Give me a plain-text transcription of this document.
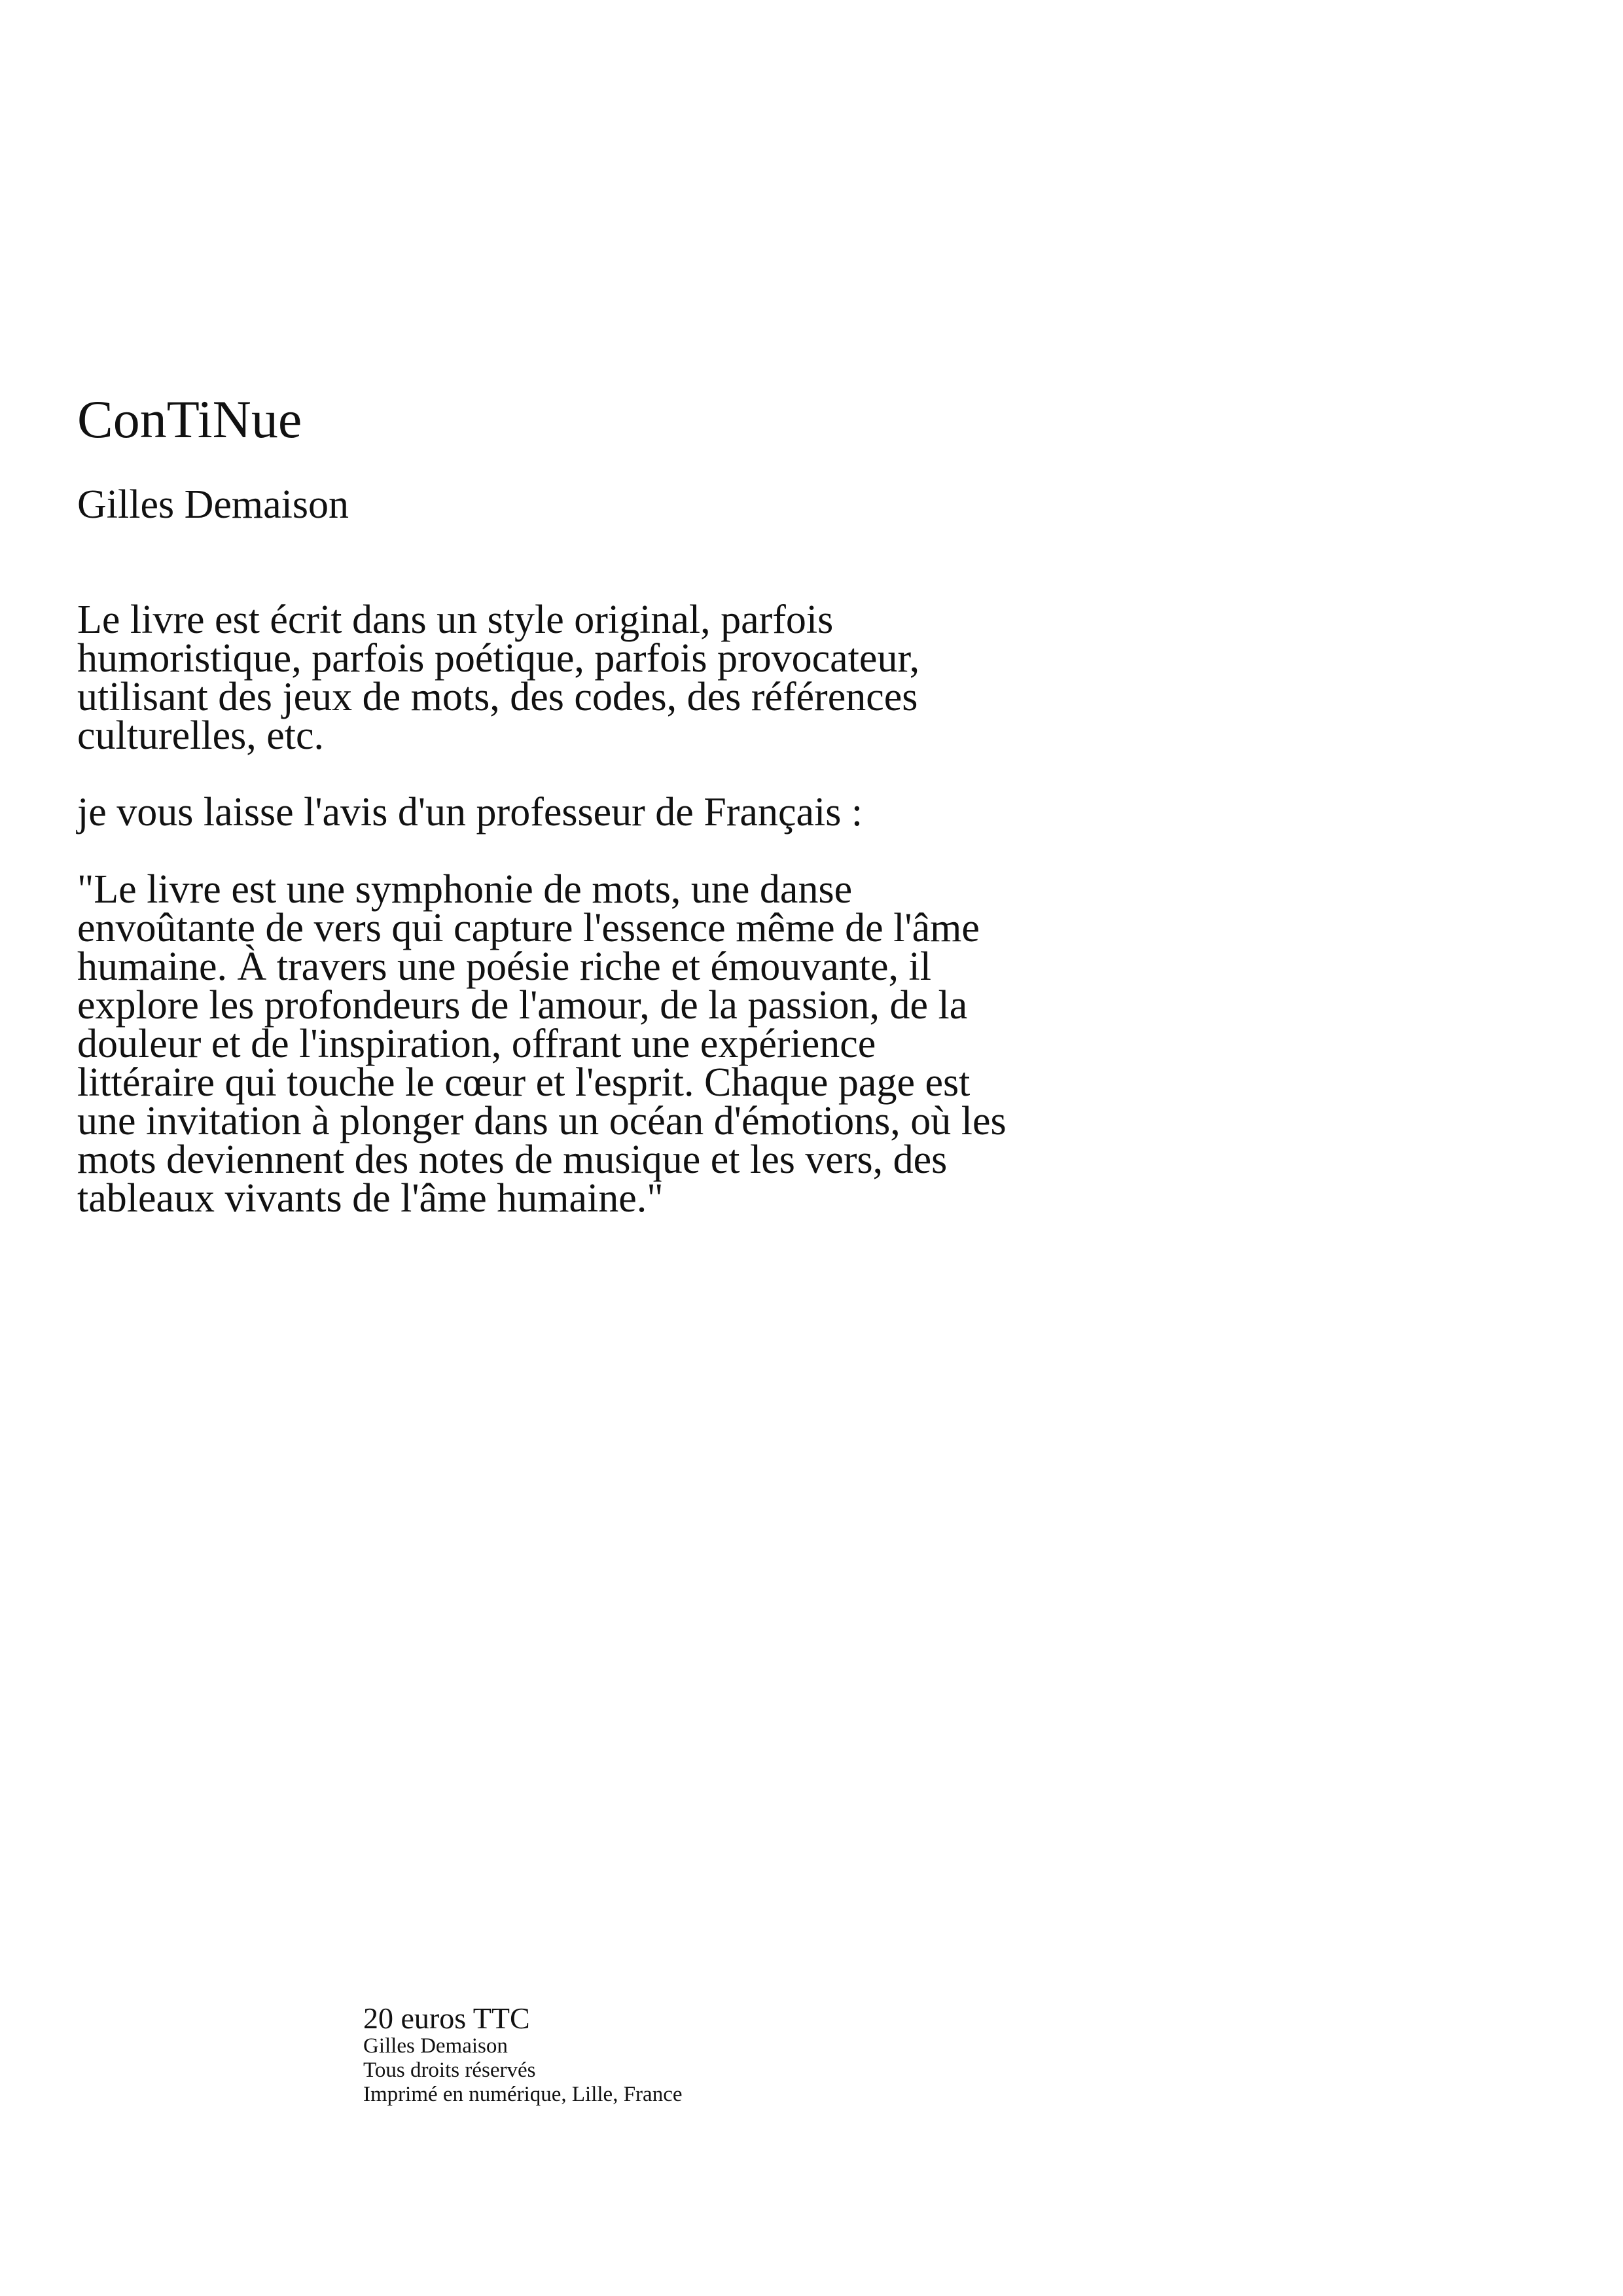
ConTiNue
Gilles Demaison

Le livre est écrit dans un style original, parfois
humoristique, parfois poétique, parfois provocateur,
utilisant des jeux de mots, des codes, des références
culturelles, etc.

je vous laisse l'avis d'un professeur de Français :

"Le livre est une symphonie de mots, une danse
envoûtante de vers qui capture l'essence même de l'âme
humaine. À travers une poésie riche et émouvante, il
explore les profondeurs de l'amour, de la passion, de la
douleur et de l'inspiration, offrant une expérience
littéraire qui touche le cœur et l'esprit. Chaque page est
une invitation à plonger dans un océan d'émotions, où les
mots deviennent des notes de musique et les vers, des
tableaux vivants de l'âme humaine."

20 euros TTC
Gilles Demaison
Tous droits réservés
Imprimé en numérique, Lille, France
